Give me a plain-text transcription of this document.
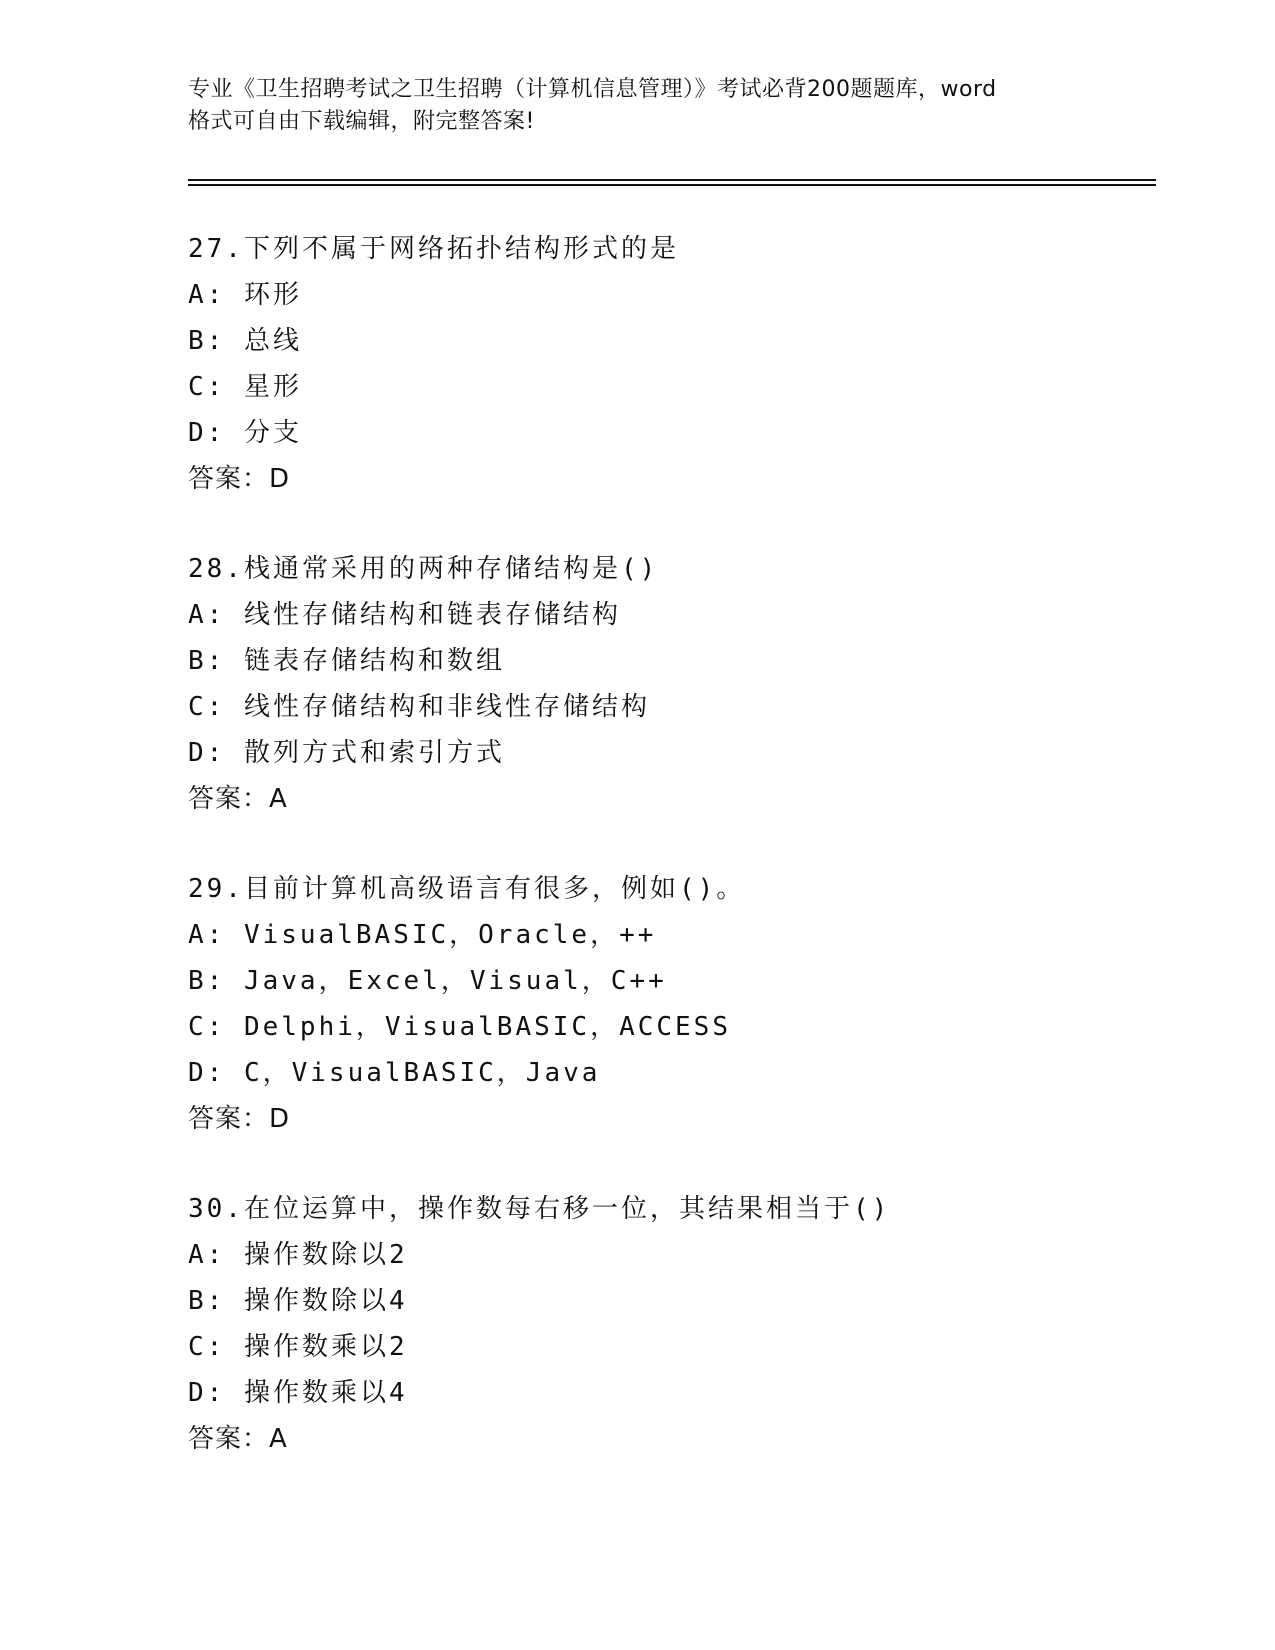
专业《卫生招聘考试之卫生招聘（计算机信息管理）》考试必背200题题库，word
格式可自由下载编辑，附完整答案!
27.下列不属于网络拓扑结构形式的是
A: 环形
B: 总线
C: 星形
D: 分支
答案：D
28.栈通常采用的两种存储结构是()
A: 线性存储结构和链表存储结构
B: 链表存储结构和数组
C: 线性存储结构和非线性存储结构
D: 散列方式和索引方式
答案：A
29.目前计算机高级语言有很多，例如()。
A: VisualBASIC，Oracle，++
B: Java，Excel，Visual，C++
C: Delphi，VisualBASIC，ACCESS
D: C，VisualBASIC，Java
答案：D
30.在位运算中，操作数每右移一位，其结果相当于()
A: 操作数除以2
B: 操作数除以4
C: 操作数乘以2
D: 操作数乘以4
答案：A
